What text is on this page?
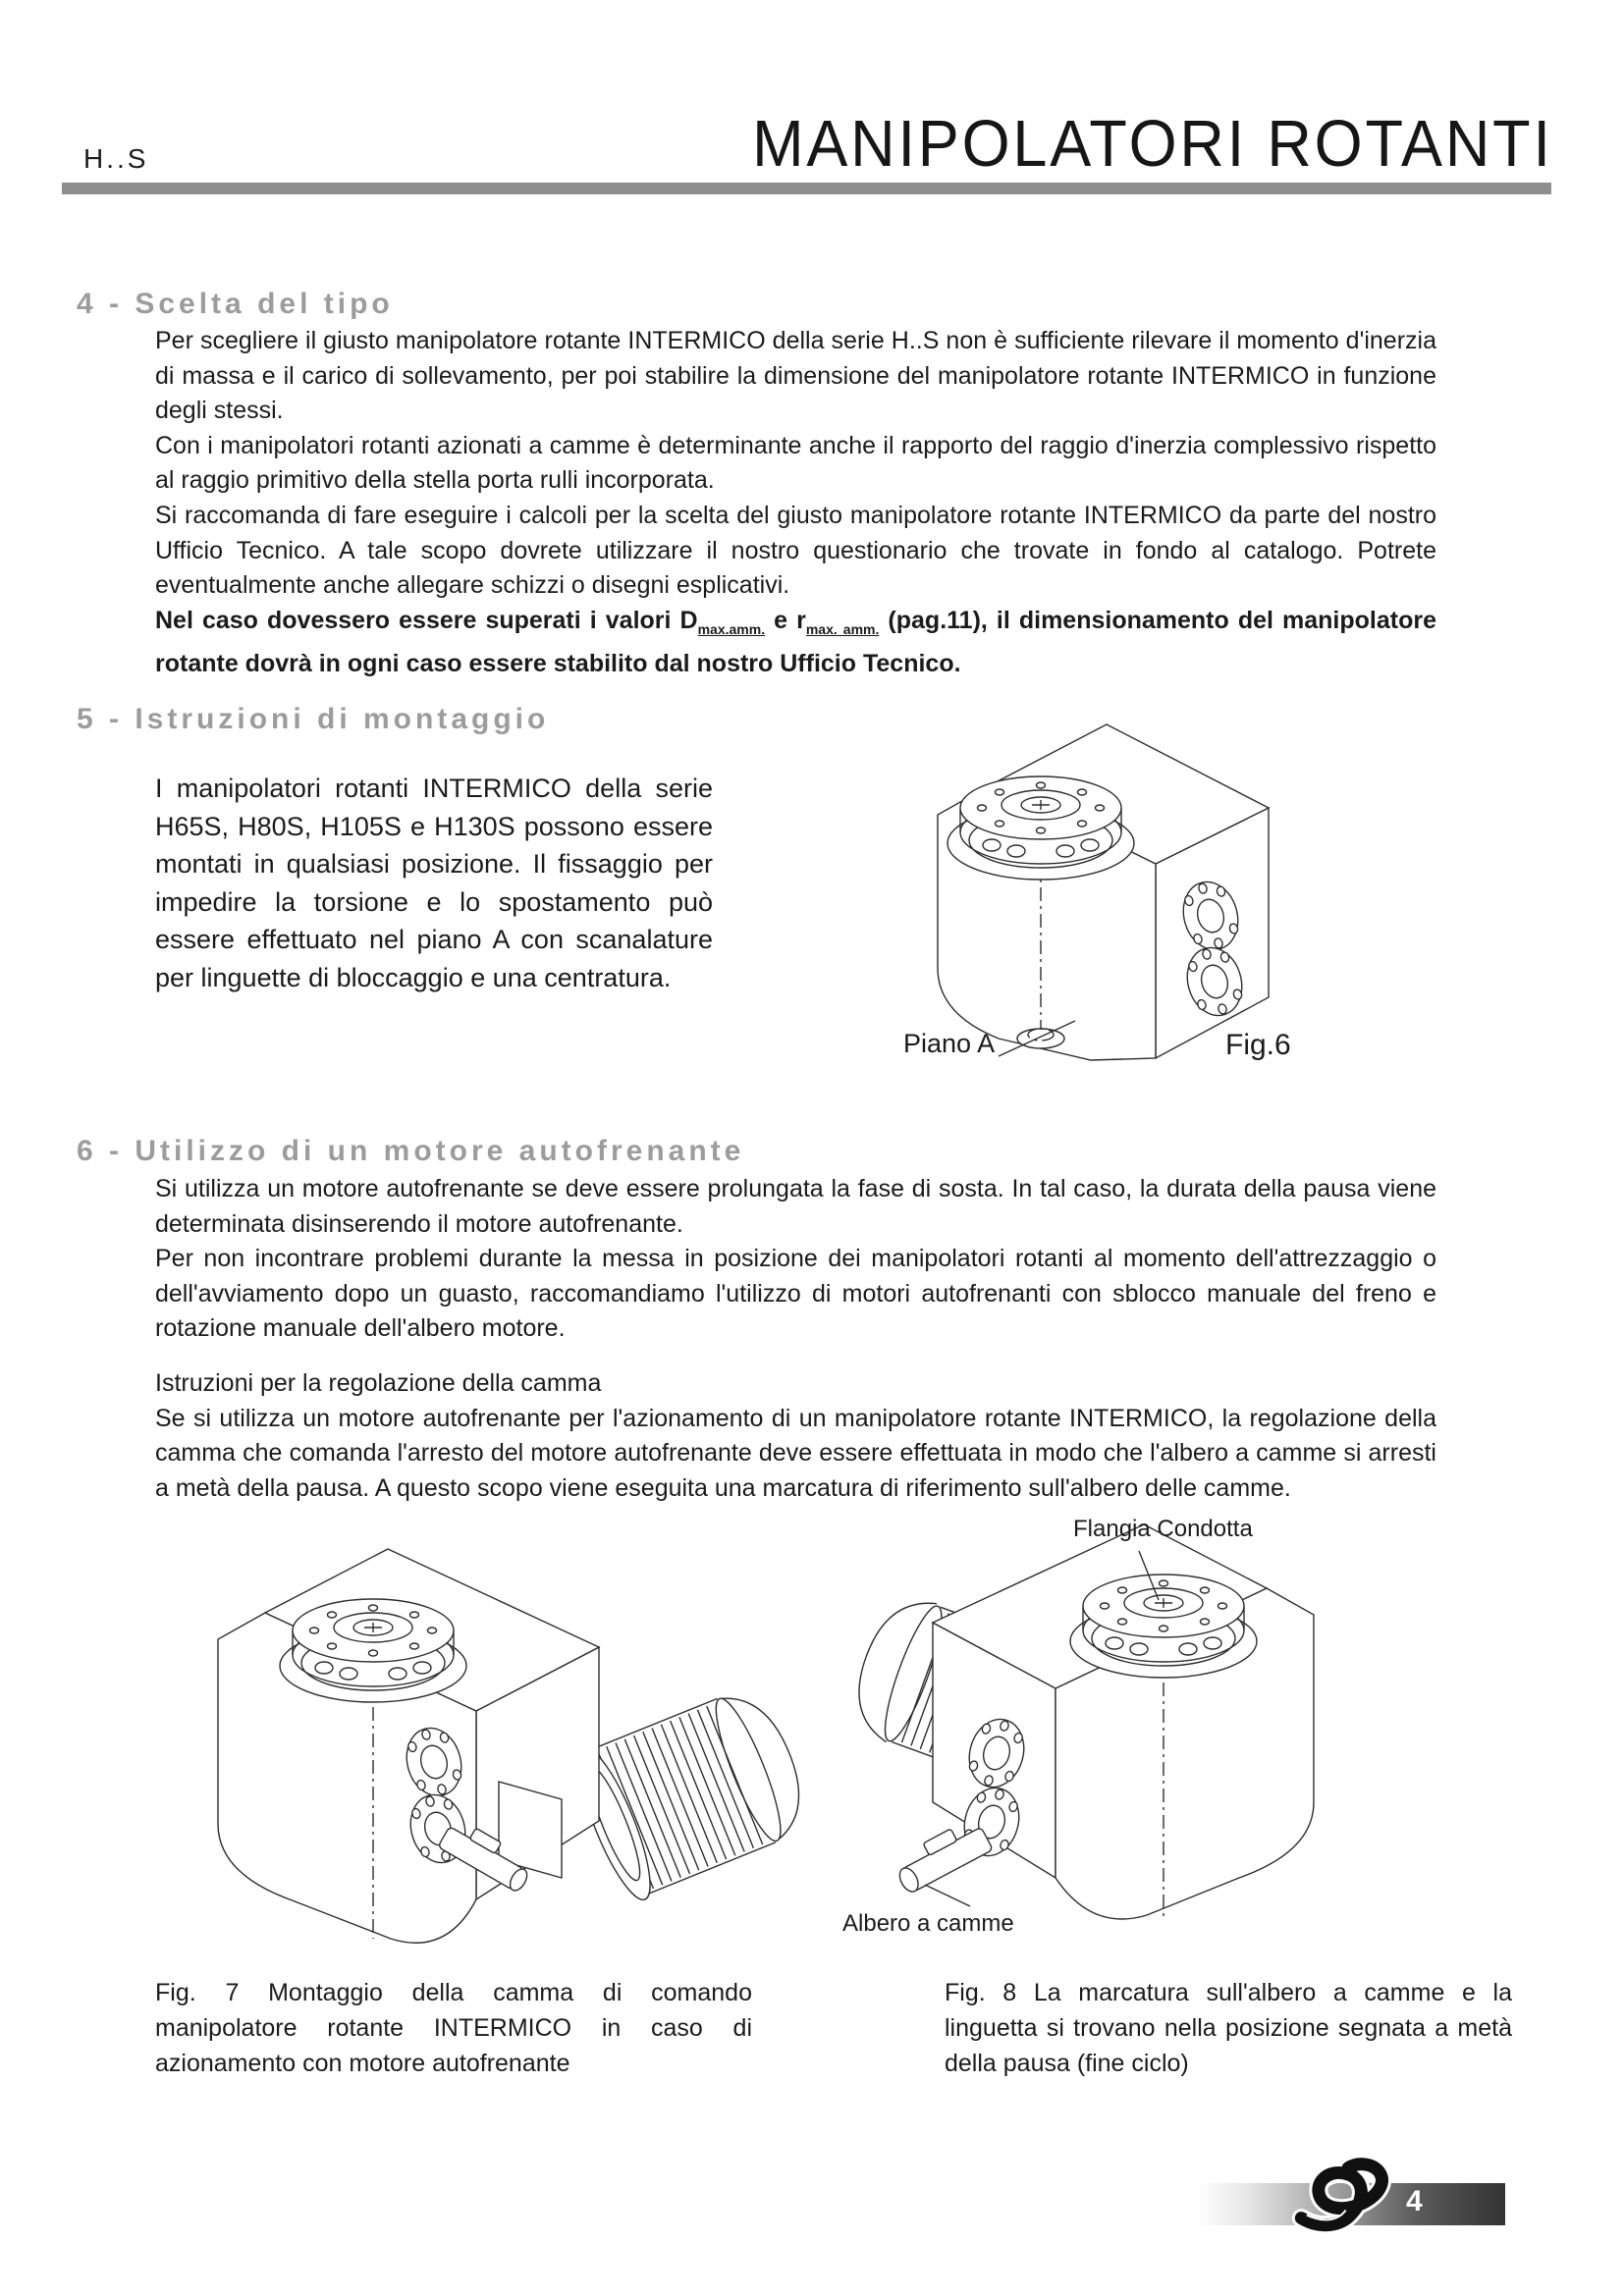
H..S	MANIPOLATORI ROTANTI
4 - Scelta del tipo

Per scegliere il giusto manipolatore rotante INTERMICO della serie H..S non è sufficiente rilevare il momento d'inerzia di massa e il carico di sollevamento, per poi stabilire la dimensione del manipolatore rotante INTERMICO in funzione degli stessi.

Con i manipolatori rotanti azionati a camme è determinante anche il rapporto del raggio d'inerzia complessivo rispetto al raggio primitivo della stella porta rulli incorporata.

Si raccomanda di fare eseguire i calcoli per la scelta del giusto manipolatore rotante INTERMICO da parte del nostro Ufficio Tecnico. A tale scopo dovrete utilizzare il nostro questionario che trovate in fondo al catalogo. Potrete eventualmente anche allegare schizzi o disegni esplicativi.

Nel caso dovessero essere superati i valori $D_{max.amm.}$ e $r_{max. amm.}$ (pag.11), il dimensionamento del manipolatore rotante dovrà in ogni caso essere stabilito dal nostro Ufficio Tecnico.

5 - Istruzioni di montaggio

I manipolatori rotanti INTERMICO della serie H65S, H80S, H105S e H130S possono essere montati in qualsiasi posizione. Il fissaggio per impedire la torsione e lo spostamento può essere effettuato nel piano A con scanalature per linguette di bloccaggio e una centratura.

Piano A	Fig.6
6 - Utilizzo di un motore autofrenante

Si utilizza un motore autofrenante se deve essere prolungata la fase di sosta. In tal caso, la durata della pausa viene determinata disinserendo il motore autofrenante.

Per non incontrare problemi durante la messa in posizione dei manipolatori rotanti al momento dell'attrezzaggio o dell'avviamento dopo un guasto, raccomandiamo l'utilizzo di motori autofrenanti con sblocco manuale del freno e rotazione manuale dell'albero motore.

Istruzioni per la regolazione della camma

Se si utilizza un motore autofrenante per l'azionamento di un manipolatore rotante INTERMICO, la regolazione della camma che comanda l'arresto del motore autofrenante deve essere effettuata in modo che l'albero a camme si arresti a metà della pausa. A questo scopo viene eseguita una marcatura di riferimento sull'albero delle camme.

Flangia Condotta
Albero a camme
Fig. 7 Montaggio della camma di comando manipolatore rotante INTERMICO in caso di azionamento con motore autofrenante
Fig. 8 La marcatura sull'albero a camme e la linguetta si trovano nella posizione segnata a metà della pausa (fine ciclo)
4
